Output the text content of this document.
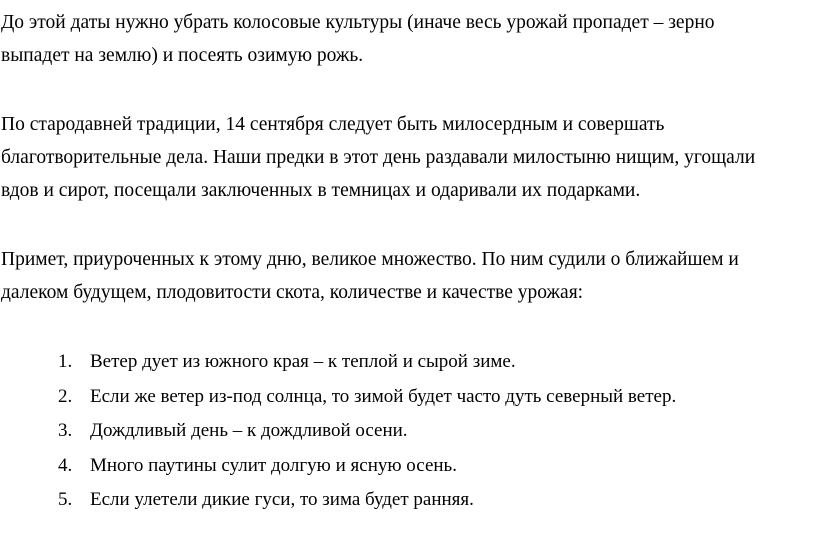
До этой даты нужно убрать колосовые культуры (иначе весь урожай пропадет – зерно
выпадет на землю) и посеять озимую рожь.

По стародавней традиции, 14 сентября следует быть милосердным и совершать
благотворительные дела. Наши предки в этот день раздавали милостыню нищим, угощали
вдов и сирот, посещали заключенных в темницах и одаривали их подарками.

Примет, приуроченных к этому дню, великое множество. По ним судили о ближайшем и
далеком будущем, плодовитости скота, количестве и качестве урожая:

1. Ветер дует из южного края – к теплой и сырой зиме.
2. Если же ветер из-под солнца, то зимой будет часто дуть северный ветер.
3. Дождливый день – к дождливой осени.
4. Много паутины сулит долгую и ясную осень.
5. Если улетели дикие гуси, то зима будет ранняя.
